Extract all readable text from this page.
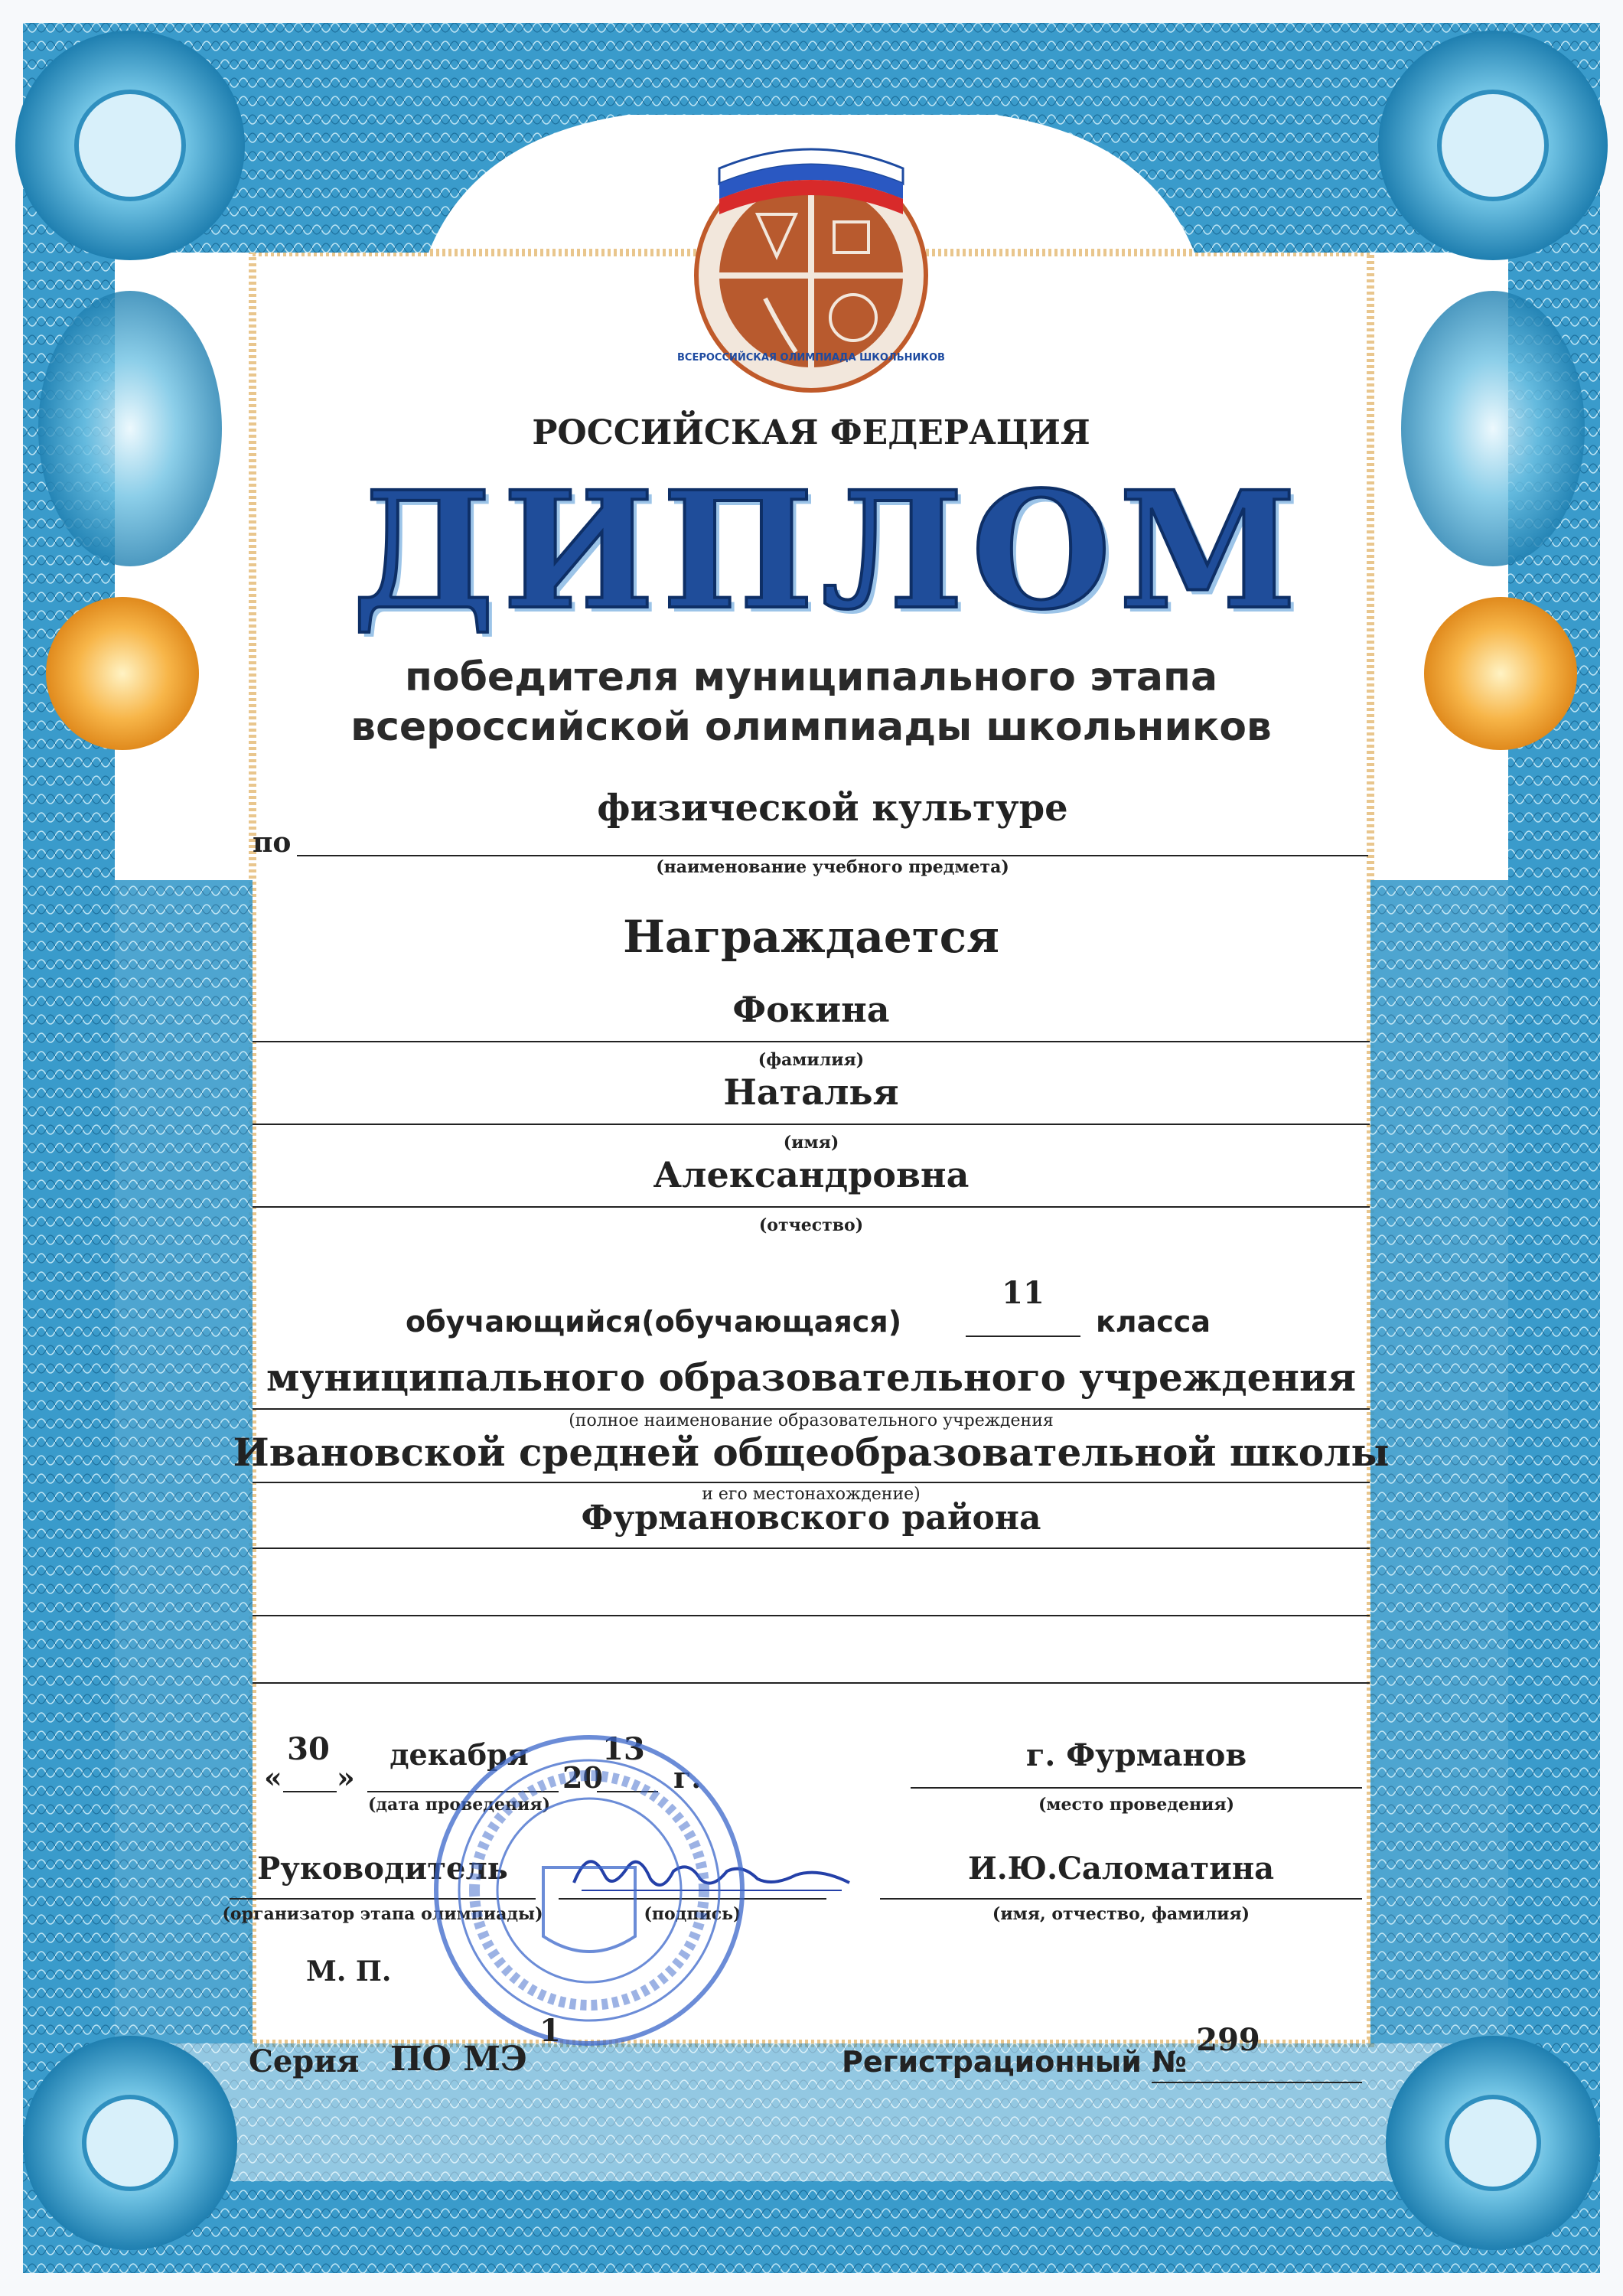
ВСЕРОССИЙСКАЯ ОЛИМПИАДА ШКОЛЬНИКОВ
РОССИЙСКАЯ ФЕДЕРАЦИЯ
ДИПЛОМ
победителя муниципального этапа
всероссийской олимпиады школьников
по
физической культуре
(наименование учебного предмета)
Награждается
Фокина
(фамилия)
Наталья
(имя)
Александровна
(отчество)
обучающийся(обучающаяся)
11
класса
муниципального образовательного учреждения
(полное наименование образовательного учреждения
Ивановской средней общеобразовательной школы
и его местонахождение)
Фурмановского района
«
30
»
декабря
20
13
г.
(дата проведения)
г. Фурманов
(место проведения)
Руководитель
(организатор этапа олимпиады)	(подпись)
И.Ю.Саломатина
(имя, отчество, фамилия)
М. П.
Серия ПО МЭ
1
Регистрационный №
299
